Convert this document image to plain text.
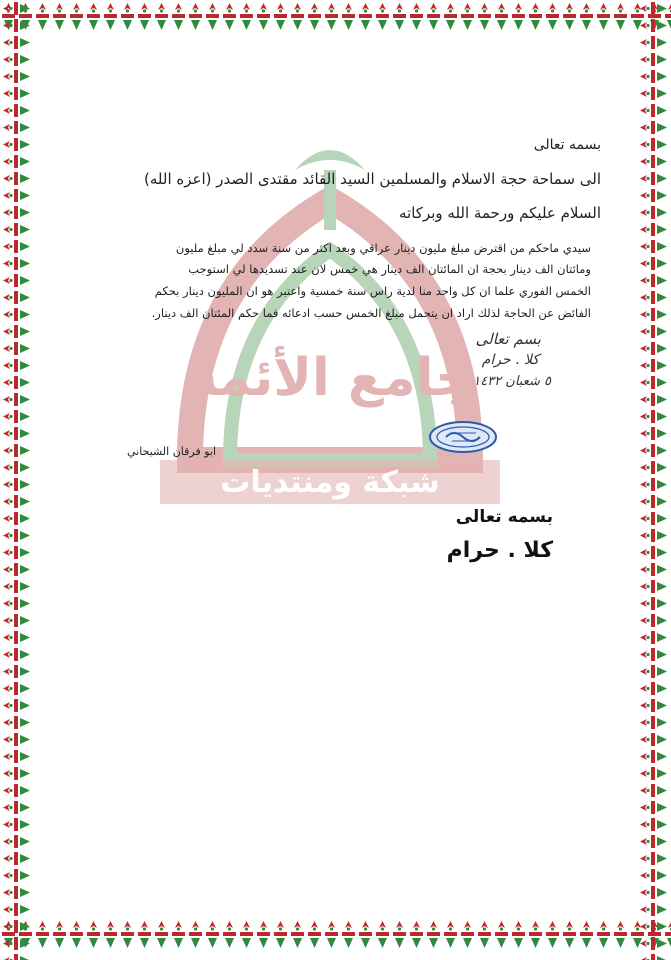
جامع الأئمة
شبكة ومنتديات
بسمه تعالى
الى سماحة حجة الاسلام والمسلمين السيد القائد مقتدى الصدر (اعزه الله)
السلام عليكم ورحمة الله وبركاته
سيدي ماحكم من اقترض مبلغ مليون دينار عراقي وبعد اكثر من سنة سدد لي مبلغ مليون
ومائتان الف دينار بحجة ان المائتان الف دينار هي خمس لان عند تسديدها لي استوجب
الخمس الفوري علما ان كل واحد منا لدية راس سنة خمسية واعتبر هو ان المليون دينار بحكم
الفائض عن الحاجة لذلك اراد ان يتحمل مبلغ الخمس حسب ادعائه فما حكم المئتان الف دينار.
بسم تعالى
كلا . حرام
٥ شعبان ١٤٣٢
ابو فرقان الشيحاني
بسمه تعالى
كلا . حرام
